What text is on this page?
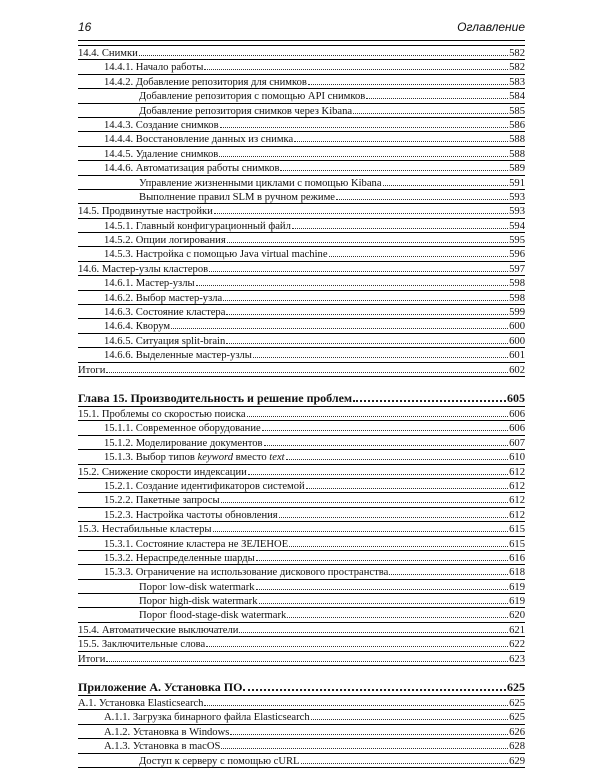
16	Оглавление
14.4. Снимки	582
14.4.1. Начало работы	582
14.4.2. Добавление репозитория для снимков	583
Добавление репозитория с помощью API снимков	584
Добавление репозитория снимков через Kibana	585
14.4.3. Создание снимков	586
14.4.4. Восстановление данных из снимка	588
14.4.5. Удаление снимков	588
14.4.6. Автоматизация работы снимков	589
Управление жизненными циклами с помощью Kibana	591
Выполнение правил SLM в ручном режиме	593
14.5. Продвинутые настройки	593
14.5.1. Главный конфигурационный файл	594
14.5.2. Опции логирования	595
14.5.3. Настройка с помощью Java virtual machine	596
14.6. Мастер-узлы кластеров	597
14.6.1. Мастер-узлы	598
14.6.2. Выбор мастер-узла	598
14.6.3. Состояние кластера	599
14.6.4. Кворум	600
14.6.5. Ситуация split-brain	600
14.6.6. Выделенные мастер-узлы	601
Итоги	602
Глава 15. Производительность и решение проблем	605
15.1. Проблемы со скоростью поиска	606
15.1.1. Современное оборудование	606
15.1.2. Моделирование документов	607
15.1.3. Выбор типов keyword вместо text	610
15.2. Снижение скорости индексации	612
15.2.1. Создание идентификаторов системой	612
15.2.2. Пакетные запросы	612
15.2.3. Настройка частоты обновления	612
15.3. Нестабильные кластеры	615
15.3.1. Состояние кластера не ЗЕЛЕНОЕ	615
15.3.2. Нераспределенные шарды	616
15.3.3. Ограничение на использование дискового пространства	618
Порог low-disk watermark	619
Порог high-disk watermark	619
Порог flood-stage-disk watermark	620
15.4. Автоматические выключатели	621
15.5. Заключительные слова	622
Итоги	623
Приложение А. Установка ПО	625
A.1. Установка Elasticsearch	625
A.1.1. Загрузка бинарного файла Elasticsearch	625
A.1.2. Установка в Windows	626
A.1.3. Установка в macOS	628
Доступ к серверу с помощью cURL	629
